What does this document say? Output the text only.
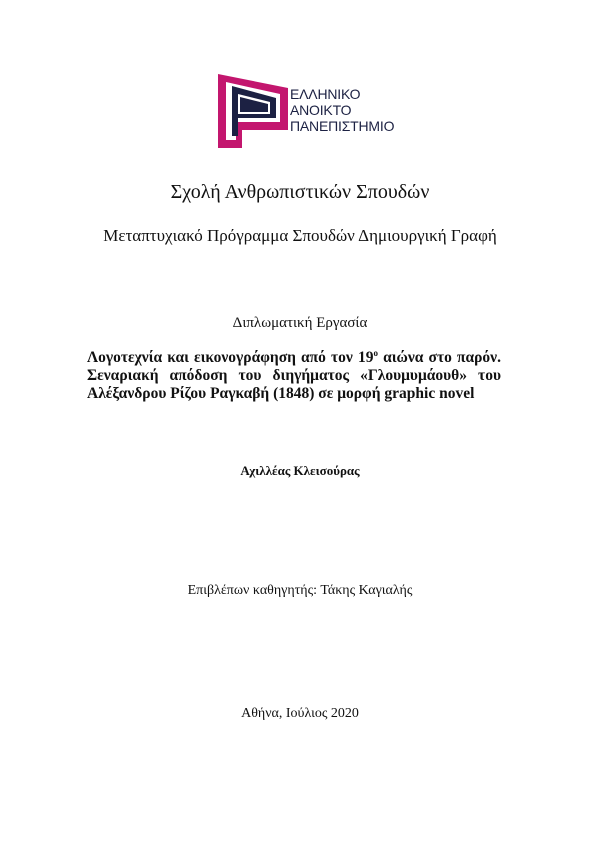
ΕΛΛΗΝΙΚΟ
ΑΝΟΙΚΤΟ
ΠΑΝΕΠΙΣΤΗΜΙΟ
Σχολή Ανθρωπιστικών Σπουδών
Μεταπτυχιακό Πρόγραμμα Σπουδών Δημιουργική Γραφή
Διπλωματική Εργασία
Λογοτεχνία και εικονογράφηση από τον $19^o$ αιώνα στο παρόν.
Σεναριακή απόδοση του διηγήματος «Γλουμυμάουθ» του
Αλέξανδρου Ρίζου Ραγκαβή (1848) σε μορφή graphic novel
Αχιλλέας Κλεισούρας
Επιβλέπων καθηγητής: Τάκης Καγιαλής
Αθήνα, Ιούλιος 2020
